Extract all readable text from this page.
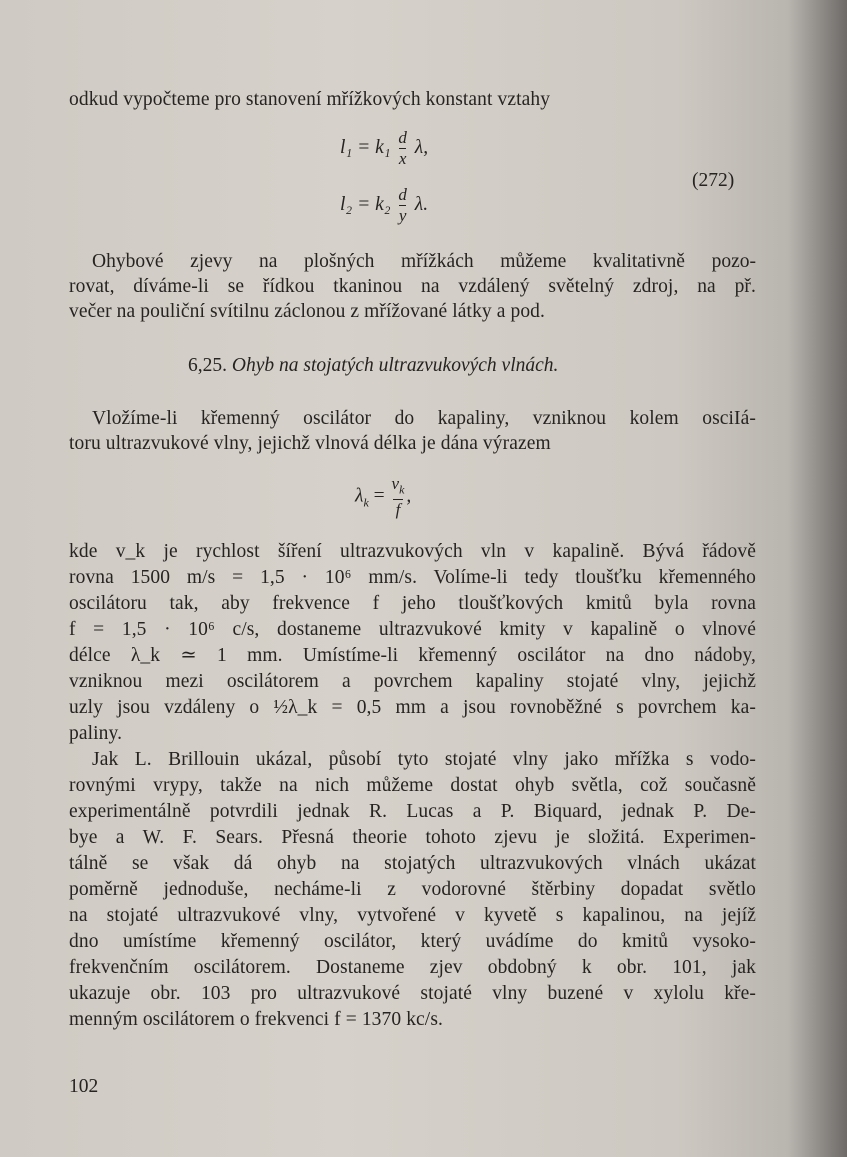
odkud vypočteme pro stanovení mřížkových konstant vztahy
$l_1 = k_1 \frac{d}{x} \lambda$,
$l_2 = k_2 \frac{d}{y} \lambda$.
(272)
Ohybové zjevy na plošných mřížkách můžeme kvalitativně pozo-
rovat, díváme-li se řídkou tkaninou na vzdálený světelný zdroj, na př.
večer na pouliční svítilnu záclonou z mřížované látky a pod.
6,25. Ohyb na stojatých ultrazvukových vlnách.
Vložíme-li křemenný oscilátor do kapaliny, vzniknou kolem osciIá-
toru ultrazvukové vlny, jejichž vlnová délka je dána výrazem
$\lambda_k = \frac{v_k}{f}$ ,
kde v_k je rychlost šíření ultrazvukových vln v kapalině. Bývá řádově
rovna 1500 m/s = 1,5 · 10⁶ mm/s. Volíme-li tedy tloušťku křemenného
oscilátoru tak, aby frekvence f jeho tloušťkových kmitů byla rovna
f = 1,5 · 10⁶ c/s, dostaneme ultrazvukové kmity v kapalině o vlnové
délce λ_k ≃ 1 mm. Umístíme-li křemenný oscilátor na dno nádoby,
vzniknou mezi oscilátorem a povrchem kapaliny stojaté vlny, jejichž
uzly jsou vzdáleny o ½λ_k = 0,5 mm a jsou rovnoběžné s povrchem ka-
paliny.
Jak L. Brillouin ukázal, působí tyto stojaté vlny jako mřížka s vodo-
rovnými vrypy, takže na nich můžeme dostat ohyb světla, což současně
experimentálně potvrdili jednak R. Lucas a P. Biquard, jednak P. De-
bye a W. F. Sears. Přesná theorie tohoto zjevu je složitá. Experimen-
tálně se však dá ohyb na stojatých ultrazvukových vlnách ukázat
poměrně jednoduše, necháme-li z vodorovné štěrbiny dopadat světlo
na stojaté ultrazvukové vlny, vytvořené v kyvetě s kapalinou, na jejíž
dno umístíme křemenný oscilátor, který uvádíme do kmitů vysoko-
frekvenčním oscilátorem. Dostaneme zjev obdobný k obr. 101, jak
ukazuje obr. 103 pro ultrazvukové stojaté vlny buzené v xylolu kře-
menným oscilátorem o frekvenci f = 1370 kc/s.
102
